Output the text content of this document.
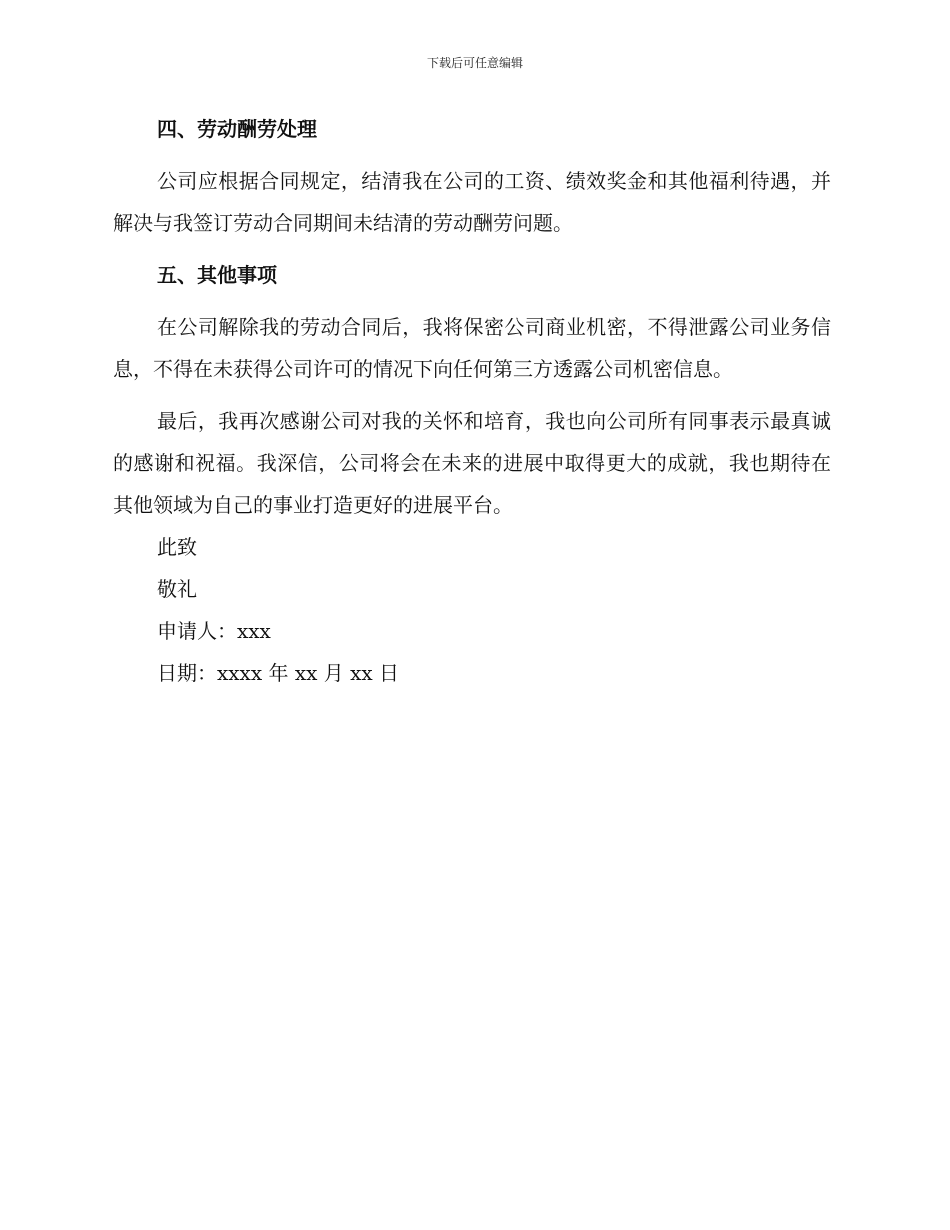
下载后可任意编辑

四、劳动酬劳处理

公司应根据合同规定，结清我在公司的工资、绩效奖金和其他福利待遇，并解决与我签订劳动合同期间未结清的劳动酬劳问题。

五、其他事项

在公司解除我的劳动合同后，我将保密公司商业机密，不得泄露公司业务信息，不得在未获得公司许可的情况下向任何第三方透露公司机密信息。

最后，我再次感谢公司对我的关怀和培育，我也向公司所有同事表示最真诚的感谢和祝福。我深信，公司将会在未来的进展中取得更大的成就，我也期待在其他领域为自己的事业打造更好的进展平台。

此致

敬礼

申请人：xxx

日期：xxxx 年 xx 月 xx 日
